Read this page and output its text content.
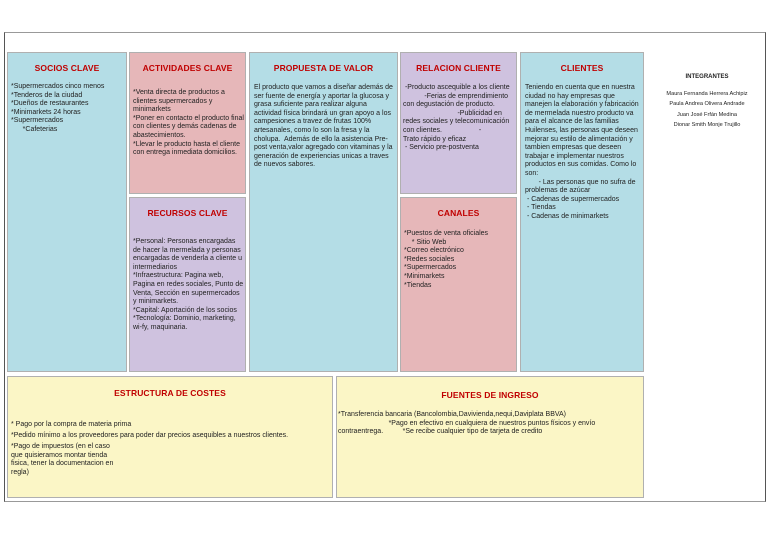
SOCIOS CLAVE
*Supermercados cinco menos
*Tenderos de la ciudad
*Dueños de restaurantes
*Minimarkets 24 horas
*Supermercados
*Cafeterias
ACTIVIDADES CLAVE
*Venta directa de productos a clientes supermercados y minimarkets
*Poner en contacto el producto final con clientes y demás cadenas de abastecimientos.
*Llevar le producto hasta el cliente con entrega inmediata domicilios.
RECURSOS CLAVE
*Personal: Personas encargadas de hacer la mermelada y personas encargadas de venderla a cliente u intermediarios
*Infraestructura: Pagina web, Pagina en redes sociales, Punto de Venta, Sección en supermercados y minimarkets.
*Capital: Aportación de los socios
*Tecnología: Dominio, marketing, wi-fy, maquinaria.
PROPUESTA DE VALOR
El producto que vamos a diseñar además de ser fuente de energía y aportar la glucosa y grasa suficiente para realizar alguna actividad física brindará un gran apoyo a los campesiones a travez de frutas 100% artesanales, como lo son la fresa y la cholupa.  Además de ello la asistencia Pre-post venta,valor agregado con vitaminas y la generación de experiencias unicas a traves de nuevos sabores.
RELACION CLIENTE
-Producto ascequible a los cliente
-Ferias de emprendimiento  con degustación de producto.
-Publicidad en redes sociales y telecomunicación con clientes.                   -
Trato rápido y eficaz
- Servicio pre-postventa
CANALES
*Puestos de venta oficiales
* Sitio Web
*Correo electrónico
*Redes sociales
*Supermercados
*Minimarkets
*Tiendas
CLIENTES
Teniendo en cuenta que en nuestra ciudad no hay empresas que manejen la elaboración y fabricación de mermelada nuestro producto va para el alcance de las familias Huilenses, las personas que deseen mejorar su estilo de alimentación y tambien empresas que deseen trabajar e implementar nuestros productos en sus comidas. Como lo son:
- Las personas que no sufra de problemas de azúcar
- Cadenas de supermercados
- Tiendas
- Cadenas de minimarkets
ESTRUCTURA DE COSTES
* Pago por la compra de materia prima
*Pedido mínimo a los proveedores para poder dar precios asequibles a nuestros clientes.
*Pago de impuestos (en el caso
que quisieramos montar tienda
fisica, tener la documentacion en
regla)
FUENTES DE INGRESO
*Transferencia bancaria (Bancolombia,Davivienda,nequi,Daviplata BBVA)
*Pago en efectivo en cualquiera de nuestros puntos físicos y envío contraentrega.          *Se recibe cualquier tipo de tarjeta de credito
INTEGRANTES
Maura Fernanda Herrera Achipiz
Paula Andrea Olivera Andrade
Juan José Frfán Medina
Dionar Smith Monje Trujillo
